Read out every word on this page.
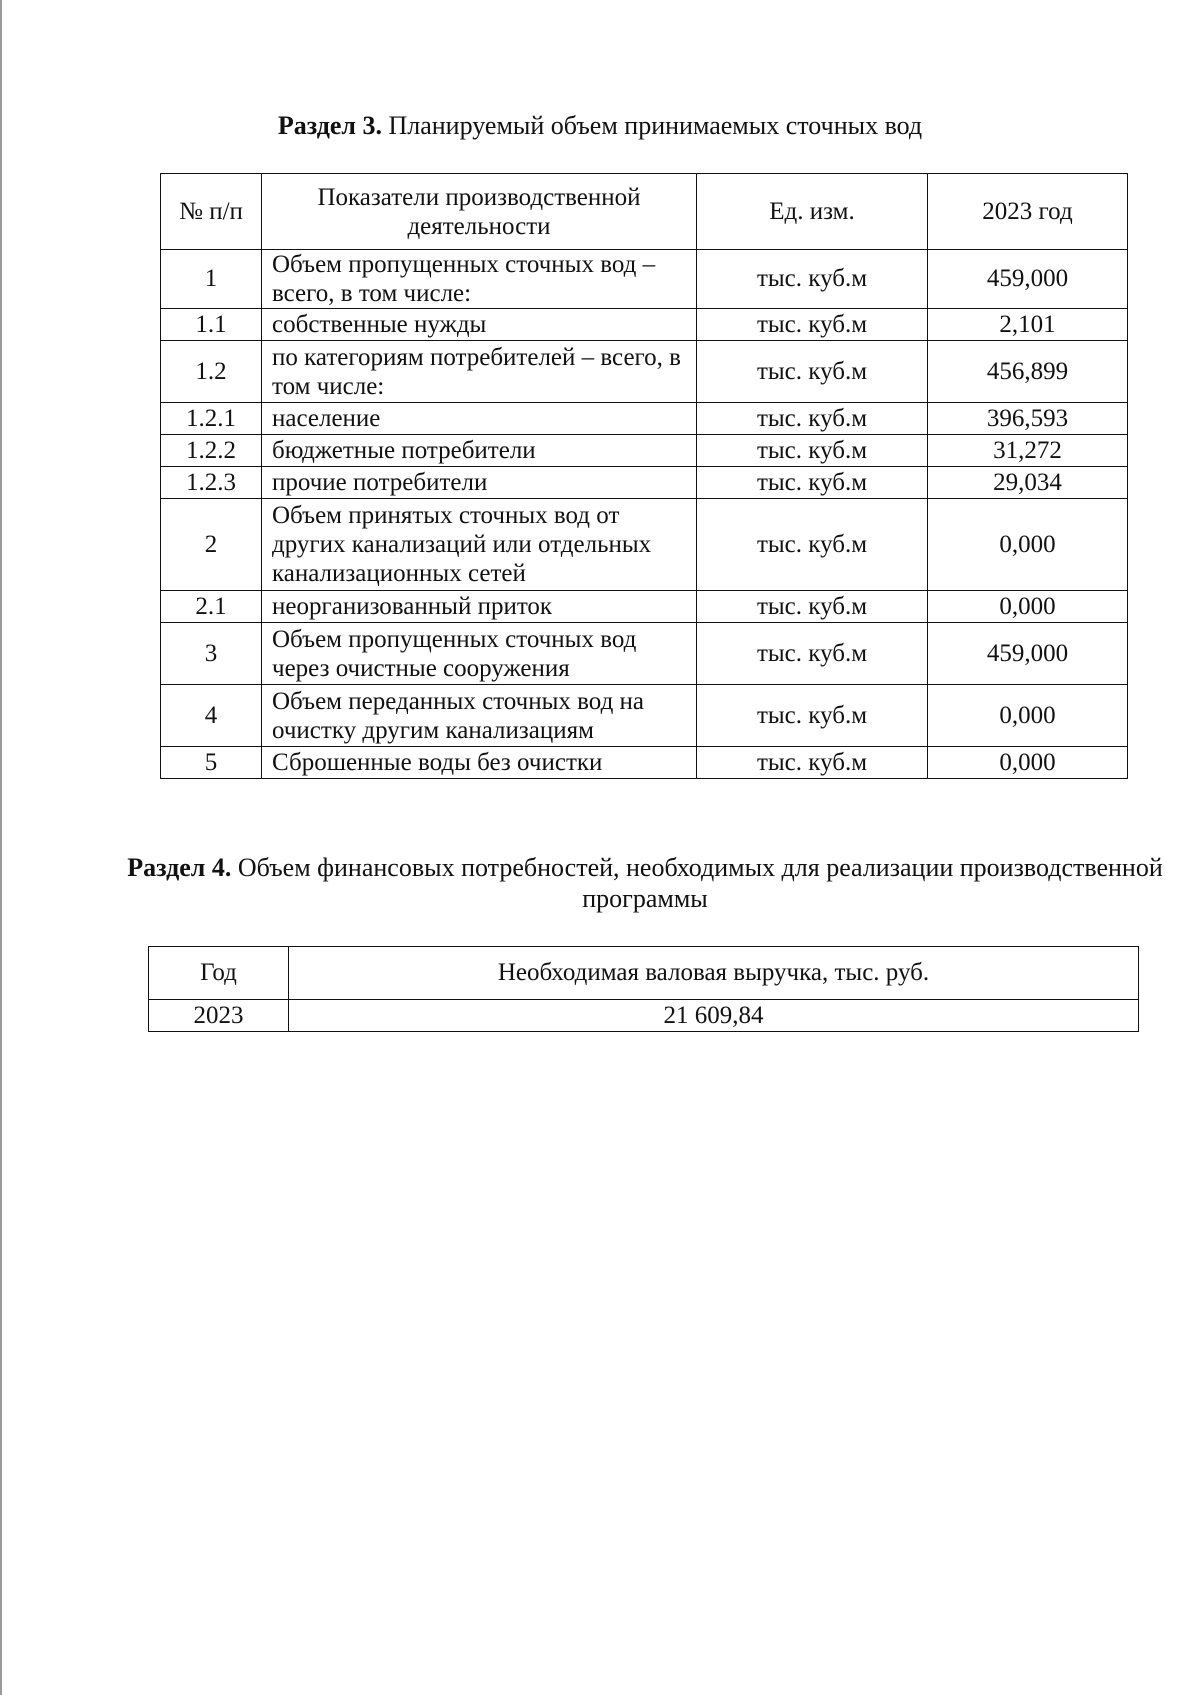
Раздел 3. Планируемый объем принимаемых сточных вод
№ п/п	Показатели производственной деятельности	Ед. изм.	2023 год
1	Объем пропущенных сточных вод – всего, в том числе:	тыс. куб.м	459,000
1.1	собственные нужды	тыс. куб.м	2,101
1.2	по категориям потребителей – всего, в том числе:	тыс. куб.м	456,899
1.2.1	население	тыс. куб.м	396,593
1.2.2	бюджетные потребители	тыс. куб.м	31,272
1.2.3	прочие потребители	тыс. куб.м	29,034
2	Объем принятых сточных вод от других канализаций или отдельных канализационных сетей	тыс. куб.м	0,000
2.1	неорганизованный приток	тыс. куб.м	0,000
3	Объем пропущенных сточных вод через очистные сооружения	тыс. куб.м	459,000
4	Объем переданных сточных вод на очистку другим канализациям	тыс. куб.м	0,000
5	Сброшенные воды без очистки	тыс. куб.м	0,000
Раздел 4. Объем финансовых потребностей, необходимых для реализации производственной программы
Год	Необходимая валовая выручка, тыс. руб.
2023	21 609,84
